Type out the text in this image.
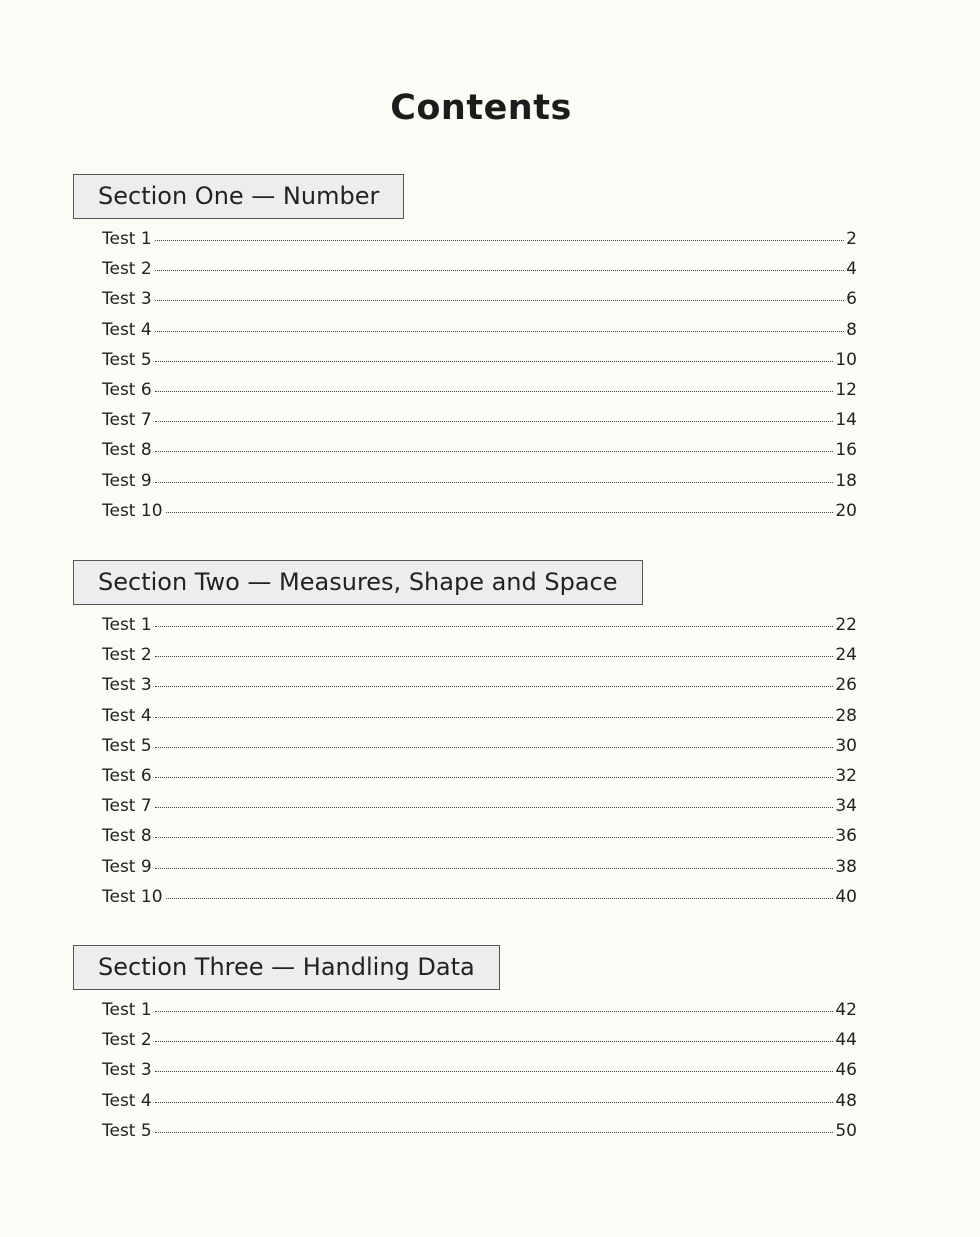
Contents
Section One — Number
Test 1	2
Test 2	4
Test 3	6
Test 4	8
Test 5	10
Test 6	12
Test 7	14
Test 8	16
Test 9	18
Test 10	20
Section Two — Measures, Shape and Space
Test 1	22
Test 2	24
Test 3	26
Test 4	28
Test 5	30
Test 6	32
Test 7	34
Test 8	36
Test 9	38
Test 10	40
Section Three — Handling Data
Test 1	42
Test 2	44
Test 3	46
Test 4	48
Test 5	50
